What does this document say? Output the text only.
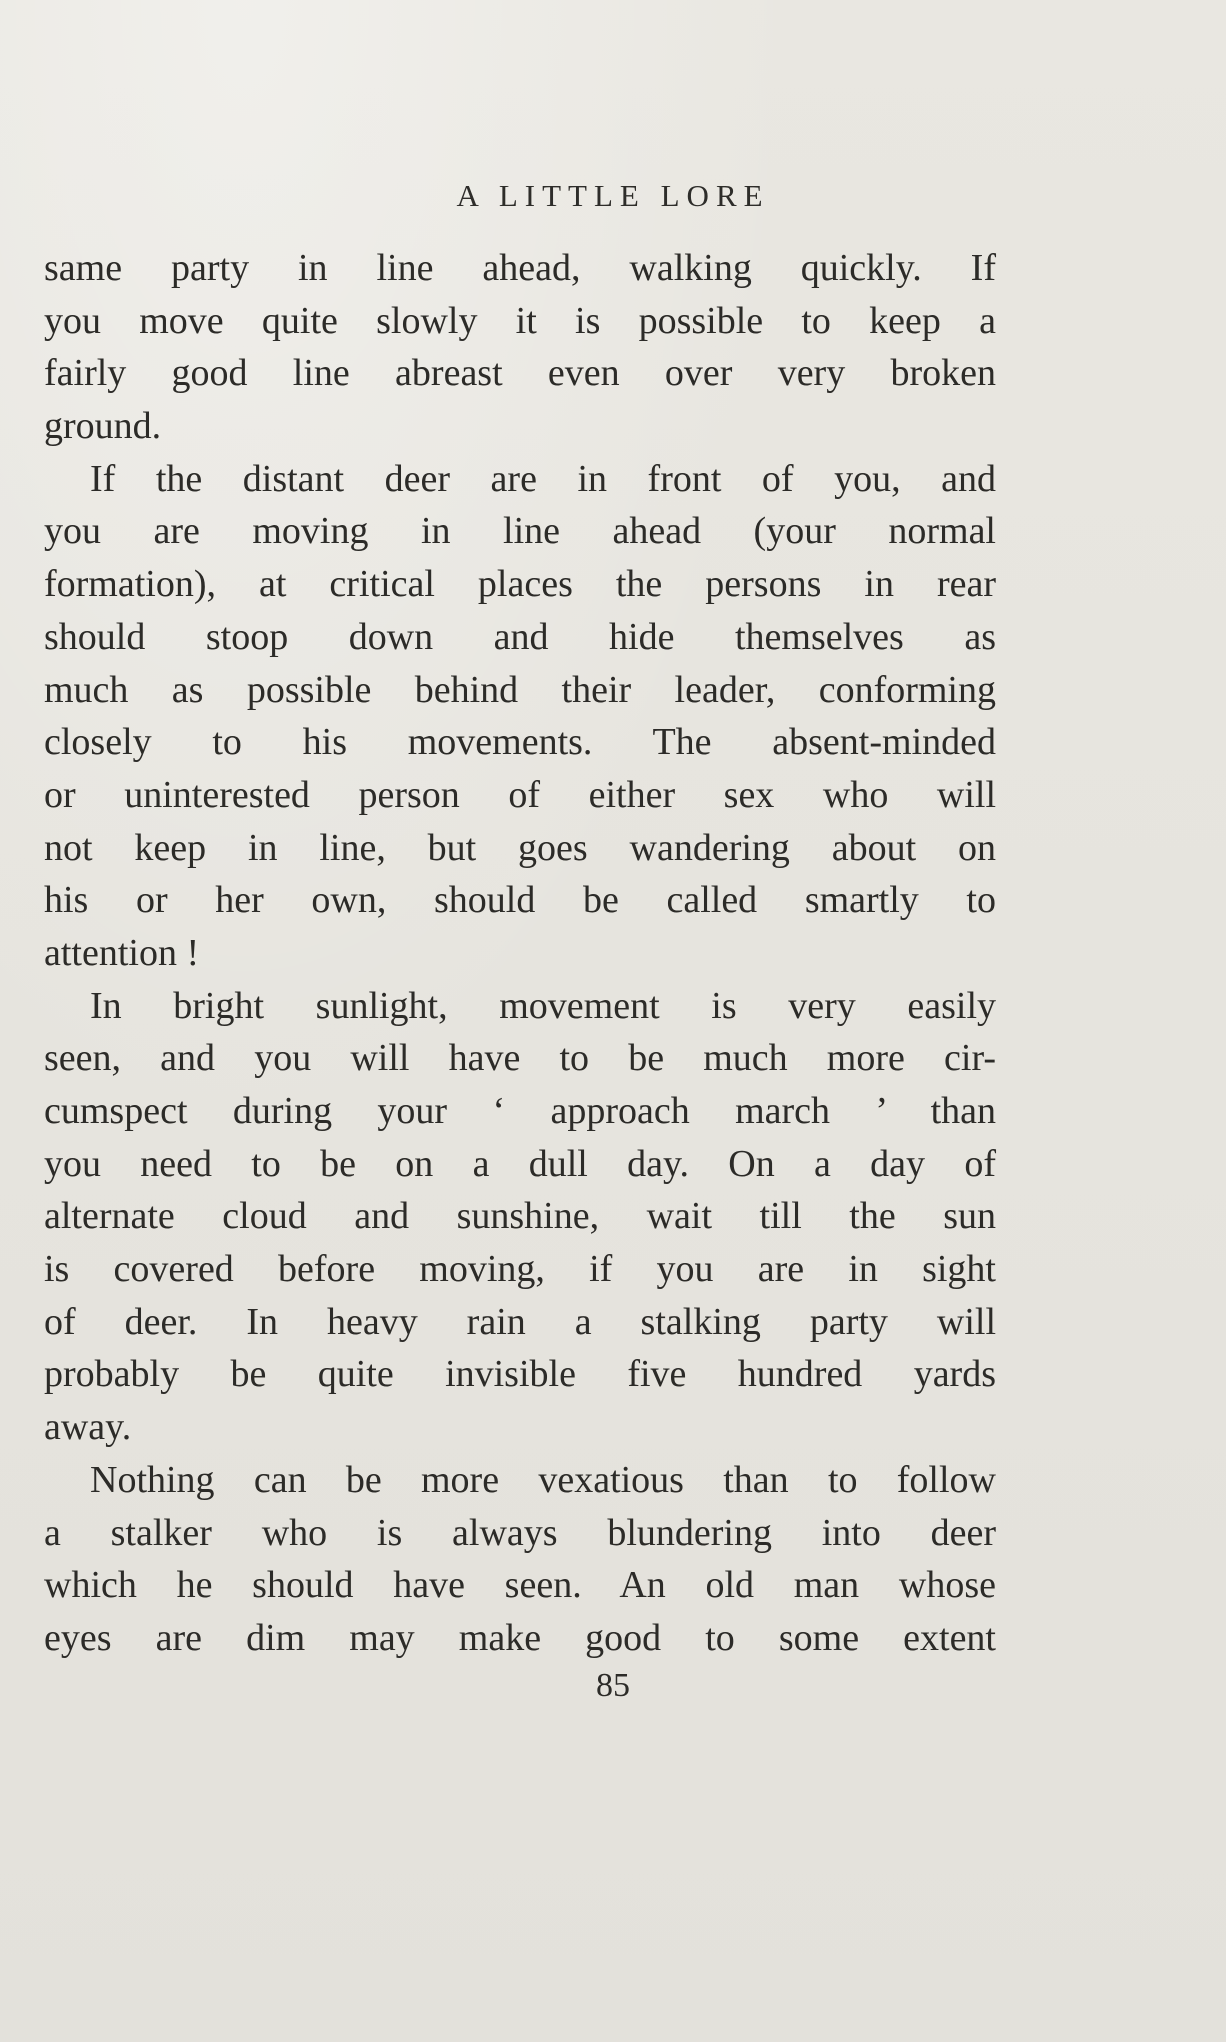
A LITTLE LORE
same party in line ahead, walking quickly. If
you move quite slowly it is possible to keep a
fairly good line abreast even over very broken
ground.
If the distant deer are in front of you, and
you are moving in line ahead (your normal
formation), at critical places the persons in rear
should stoop down and hide themselves as
much as possible behind their leader, conforming
closely to his movements. The absent-minded
or uninterested person of either sex who will
not keep in line, but goes wandering about on
his or her own, should be called smartly to
attention !
In bright sunlight, movement is very easily
seen, and you will have to be much more cir-
cumspect during your ‘ approach march ’ than
you need to be on a dull day. On a day of
alternate cloud and sunshine, wait till the sun
is covered before moving, if you are in sight
of deer. In heavy rain a stalking party will
probably be quite invisible five hundred yards
away.
Nothing can be more vexatious than to follow
a stalker who is always blundering into deer
which he should have seen. An old man whose
eyes are dim may make good to some extent
85
